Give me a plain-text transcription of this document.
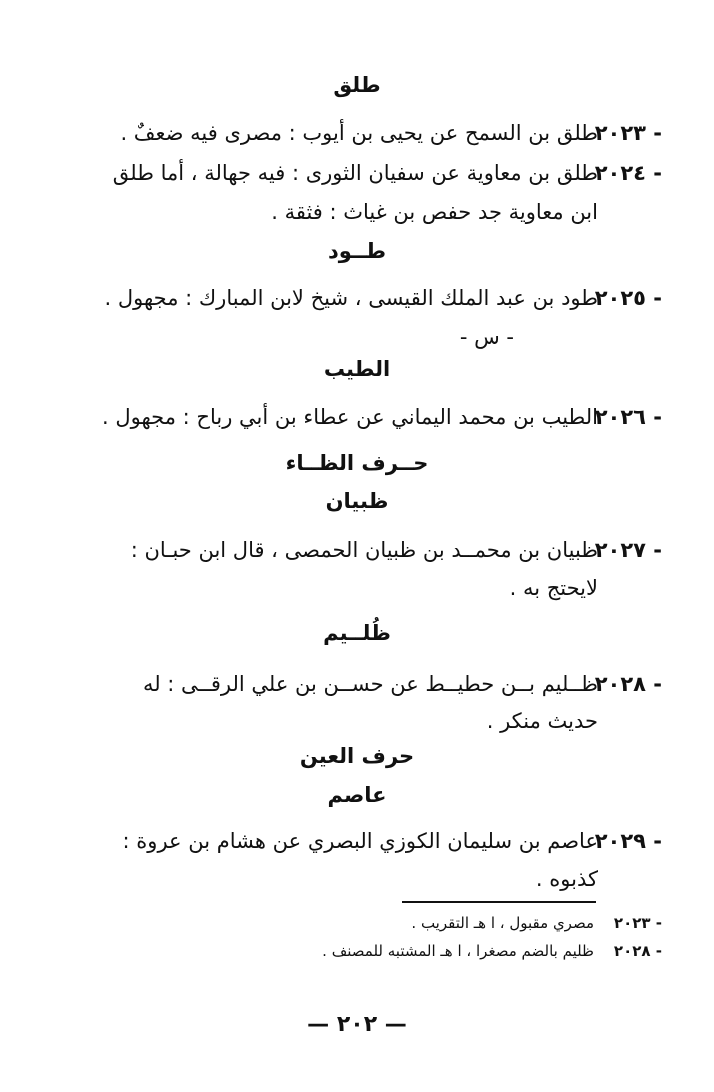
طلق
٢٠٢٣ -
طلق بن السمح عن يحيى بن أيوب : مصرى فيه ضعفٌ .
٢٠٢٤ -
طلق بن معاوية عن سفيان الثورى : فيه جهالة ، أما طلق
ابن معاوية جد حفص بن غياث : فثقة .
طــود
٢٠٢٥ -
طود بن عبد الملك القيسى ، شيخ لابن المبارك : مجهول .
- س -
الطيب
٢٠٢٦ -
الطيب بن محمد اليماني عن عطاء بن أبي رباح : مجهول .
حــرف الظــاء
ظبيان
٢٠٢٧ -
ظبيان بن محمــد بن ظبيان الحمصى ، قال ابن حبـان :
لايحتج به .
ظُلــيم
٢٠٢٨ -
ظــليم بــن حطيــط عن حســن بن علي الرقــى : له
حديث منكر .
حرف العين
عاصم
٢٠٢٩ -
عاصم بن سليمان الكوزي البصري عن هشام بن عروة :
كذبوه .
٢٠٢٣ -
مصري مقبول ، ا هـ التقريب .
٢٠٢٨ -
ظليم بالضم مصغرا ، ا هـ المشتبه للمصنف .
— ٢٠٢ —
